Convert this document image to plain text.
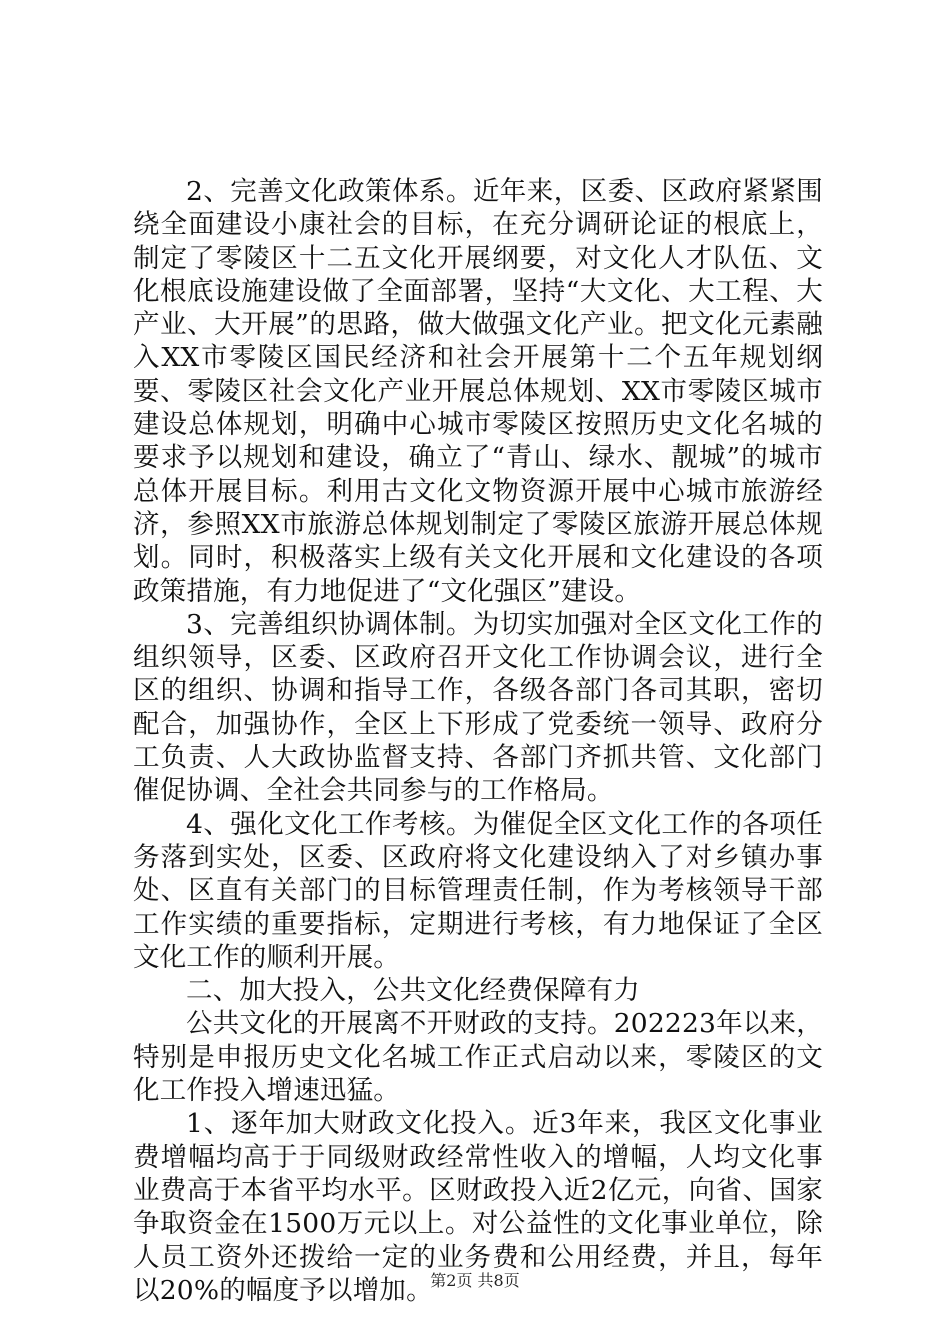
2、完善文化政策体系。近年来，区委、区政府紧紧围绕全面建设小康社会的目标，在充分调研论证的根底上，制定了零陵区十二五文化开展纲要，对文化人才队伍、文化根底设施建设做了全面部署，坚持“大文化、大工程、大产业、大开展”的思路，做大做强文化产业。把文化元素融入XX市零陵区国民经济和社会开展第十二个五年规划纲要、零陵区社会文化产业开展总体规划、XX市零陵区城市建设总体规划，明确中心城市零陵区按照历史文化名城的要求予以规划和建设，确立了“青山、绿水、靓城”的城市总体开展目标。利用古文化文物资源开展中心城市旅游经济，参照XX市旅游总体规划制定了零陵区旅游开展总体规划。同时，积极落实上级有关文化开展和文化建设的各项政策措施，有力地促进了“文化强区”建设。

3、完善组织协调体制。为切实加强对全区文化工作的组织领导，区委、区政府召开文化工作协调会议，进行全区的组织、协调和指导工作，各级各部门各司其职，密切配合，加强协作，全区上下形成了党委统一领导、政府分工负责、人大政协监督支持、各部门齐抓共管、文化部门催促协调、全社会共同参与的工作格局。

4、强化文化工作考核。为催促全区文化工作的各项任务落到实处，区委、区政府将文化建设纳入了对乡镇办事处、区直有关部门的目标管理责任制，作为考核领导干部工作实绩的重要指标，定期进行考核，有力地保证了全区文化工作的顺利开展。

二、加大投入，公共文化经费保障有力

公共文化的开展离不开财政的支持。202223年以来，特别是申报历史文化名城工作正式启动以来，零陵区的文化工作投入增速迅猛。

1、逐年加大财政文化投入。近3年来，我区文化事业费增幅均高于于同级财政经常性收入的增幅，人均文化事业费高于本省平均水平。区财政投入近2亿元，向省、国家争取资金在1500万元以上。对公益性的文化事业单位，除人员工资外还拨给一定的业务费和公用经费，并且，每年以20%的幅度予以增加。

第2页 共8页
